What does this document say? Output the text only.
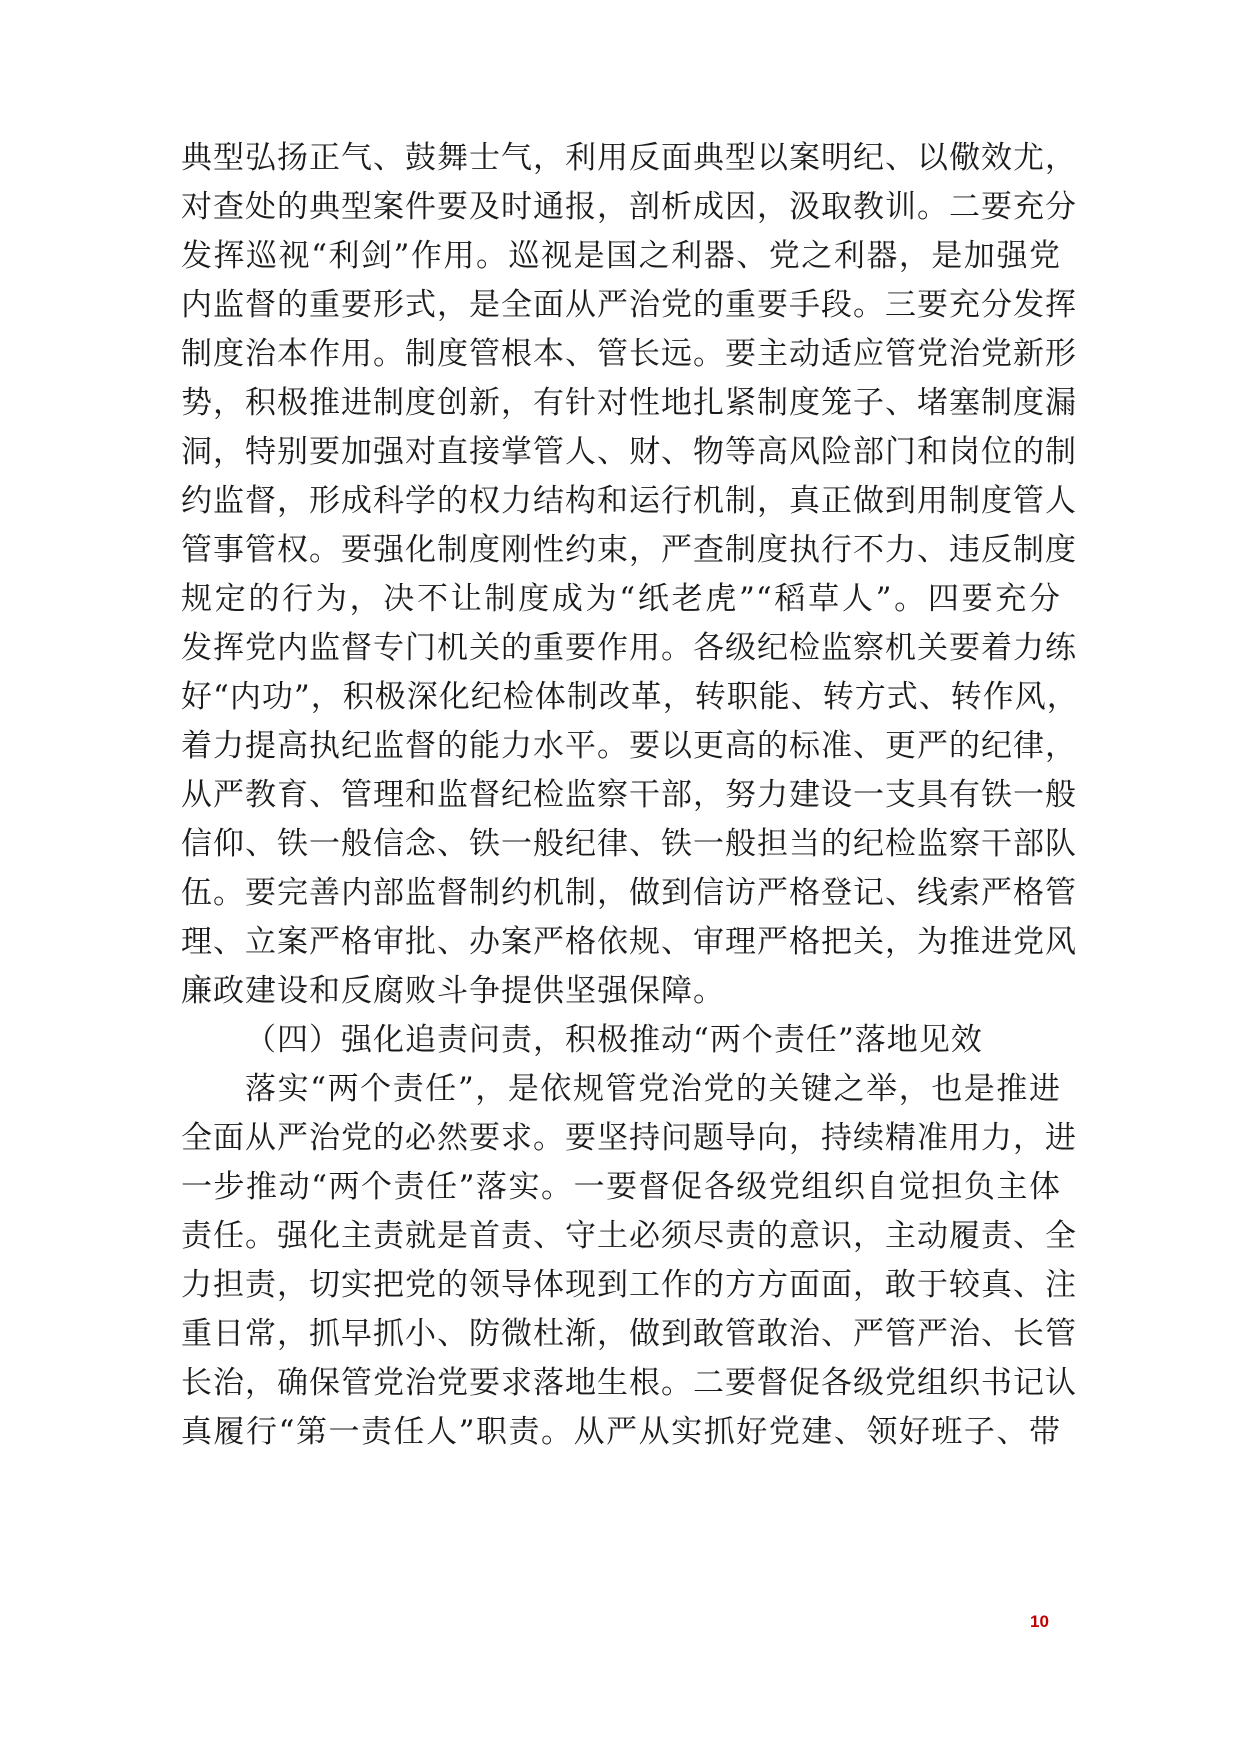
典型弘扬正气、鼓舞士气，利用反面典型以案明纪、以儆效尤，
对查处的典型案件要及时通报，剖析成因，汲取教训。二要充分
发挥巡视“利剑”作用。巡视是国之利器、党之利器，是加强党
内监督的重要形式，是全面从严治党的重要手段。三要充分发挥
制度治本作用。制度管根本、管长远。要主动适应管党治党新形
势，积极推进制度创新，有针对性地扎紧制度笼子、堵塞制度漏
洞，特别要加强对直接掌管人、财、物等高风险部门和岗位的制
约监督，形成科学的权力结构和运行机制，真正做到用制度管人
管事管权。要强化制度刚性约束，严查制度执行不力、违反制度
规定的行为，决不让制度成为“纸老虎”“稻草人”。四要充分
发挥党内监督专门机关的重要作用。各级纪检监察机关要着力练
好“内功”，积极深化纪检体制改革，转职能、转方式、转作风，
着力提高执纪监督的能力水平。要以更高的标准、更严的纪律，
从严教育、管理和监督纪检监察干部，努力建设一支具有铁一般
信仰、铁一般信念、铁一般纪律、铁一般担当的纪检监察干部队
伍。要完善内部监督制约机制，做到信访严格登记、线索严格管
理、立案严格审批、办案严格依规、审理严格把关，为推进党风
廉政建设和反腐败斗争提供坚强保障。
（四）强化追责问责，积极推动“两个责任”落地见效
落实“两个责任”，是依规管党治党的关键之举，也是推进
全面从严治党的必然要求。要坚持问题导向，持续精准用力，进
一步推动“两个责任”落实。一要督促各级党组织自觉担负主体
责任。强化主责就是首责、守土必须尽责的意识，主动履责、全
力担责，切实把党的领导体现到工作的方方面面，敢于较真、注
重日常，抓早抓小、防微杜渐，做到敢管敢治、严管严治、长管
长治，确保管党治党要求落地生根。二要督促各级党组织书记认
真履行“第一责任人”职责。从严从实抓好党建、领好班子、带
10
